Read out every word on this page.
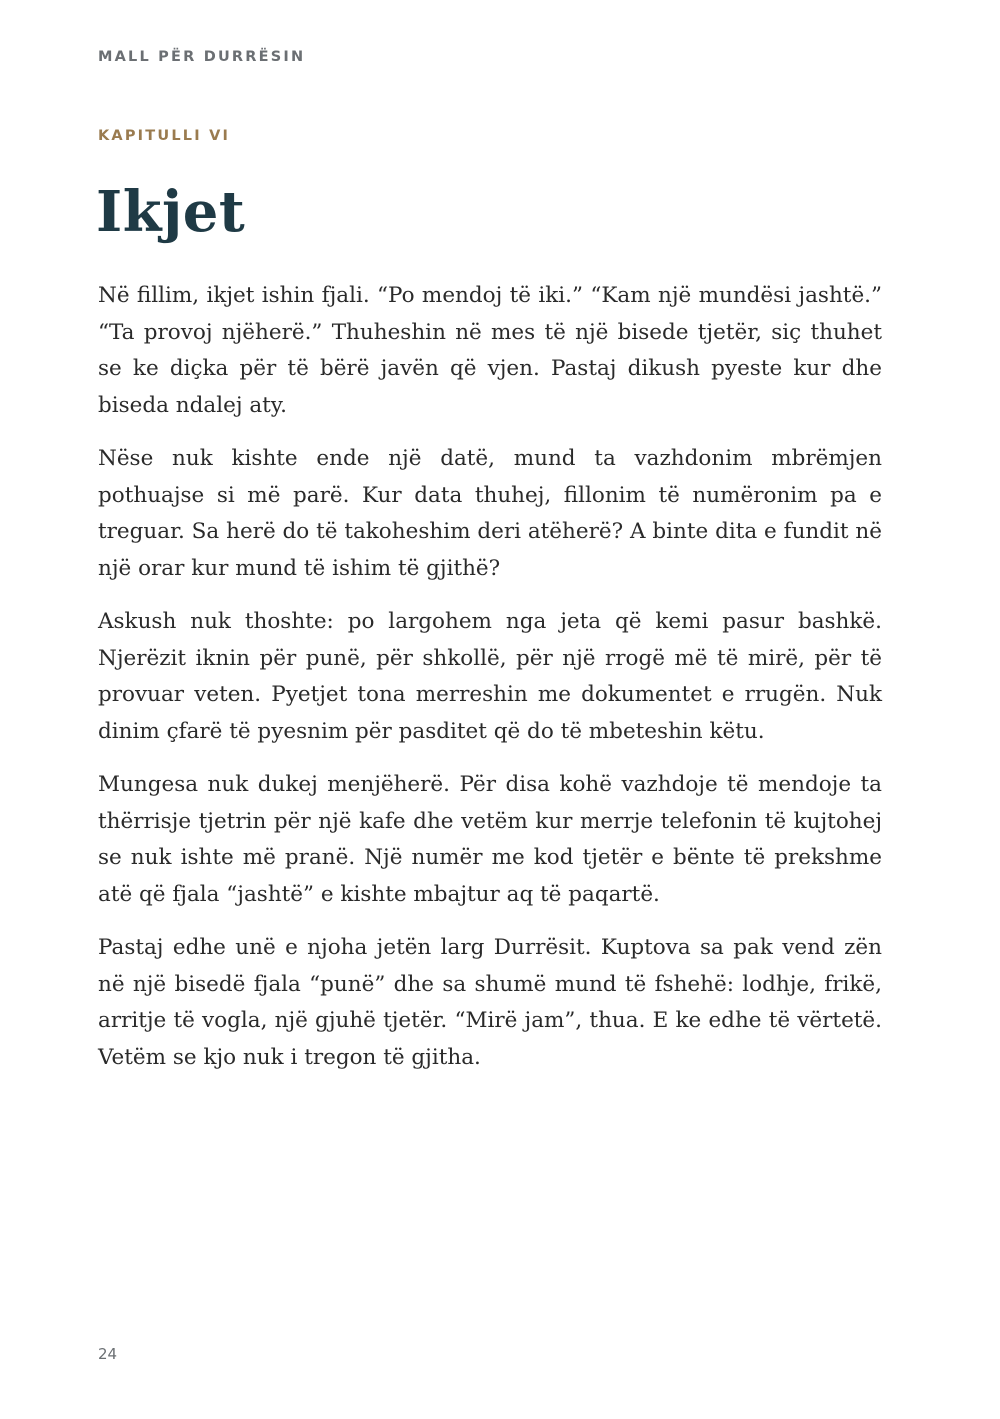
MALL PËR DURRËSIN
KAPITULLI VI
Ikjet

Në fillim, ikjet ishin fjali. “Po mendoj të iki.” “Kam një mundësi jashtë.” “Ta provoj njëherë.” Thuheshin në mes të një bisede tjetër, siç thuhet se ke diçka për të bërë javën që vjen. Pastaj dikush pyeste kur dhe biseda ndalej aty.

Nëse nuk kishte ende një datë, mund ta vazhdonim mbrëmjen pothuajse si më parë. Kur data thuhej, fillonim të numëronim pa e treguar. Sa herë do të takoheshim deri atëherë? A binte dita e fundit në një orar kur mund të ishim të gjithë?

Askush nuk thoshte: po largohem nga jeta që kemi pasur bashkë. Njerëzit iknin për punë, për shkollë, për një rrogë më të mirë, për të provuar veten. Pyetjet tona merreshin me dokumentet e rrugën. Nuk dinim çfarë të pyesnim për pasditet që do të mbeteshin këtu.

Mungesa nuk dukej menjëherë. Për disa kohë vazhdoje të mendoje ta thërrisje tjetrin për një kafe dhe vetëm kur merrje telefonin të kujtohej se nuk ishte më pranë. Një numër me kod tjetër e bënte të prekshme atë që fjala “jashtë” e kishte mbajtur aq të paqartë.

Pastaj edhe unë e njoha jetën larg Durrësit. Kuptova sa pak vend zën në një bisedë fjala “punë” dhe sa shumë mund të fshehë: lodhje, frikë, arritje të vogla, një gjuhë tjetër. “Mirë jam”, thua. E ke edhe të vërtetë. Vetëm se kjo nuk i tregon të gjitha.

24
